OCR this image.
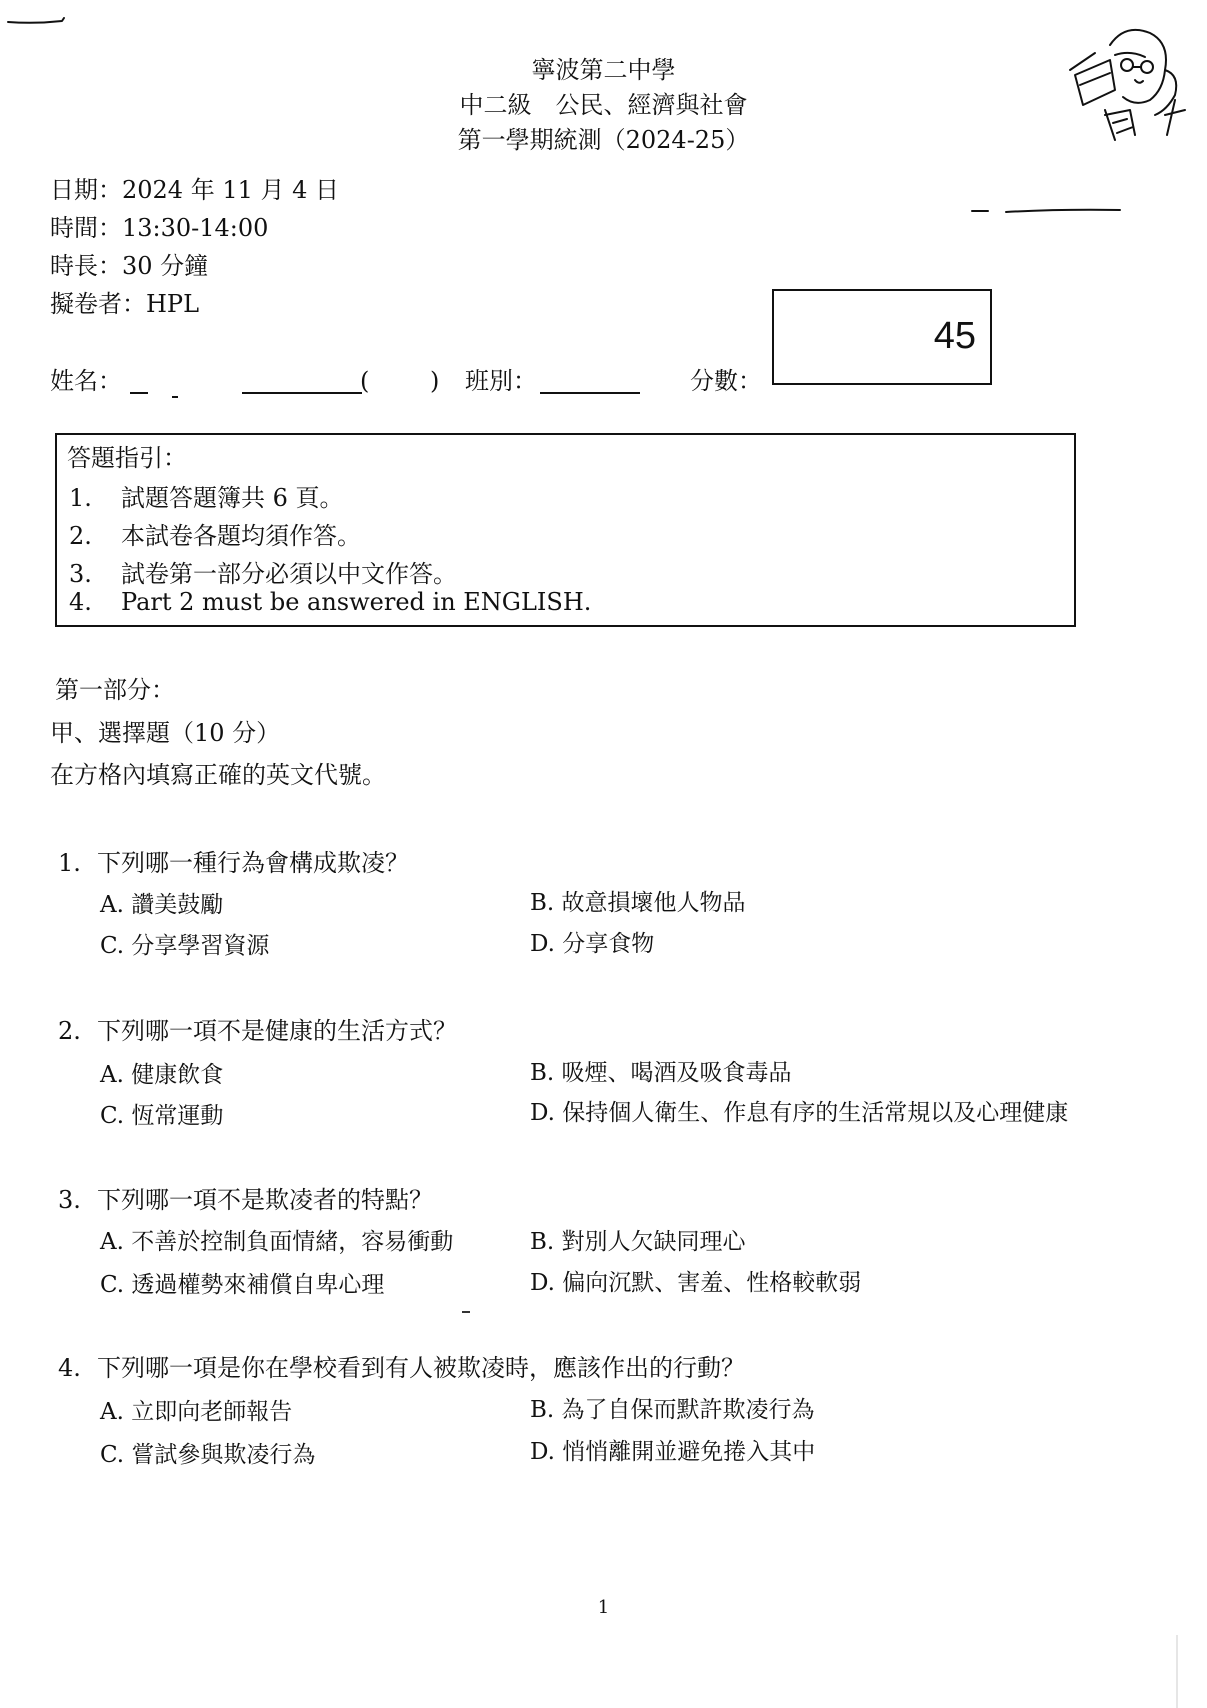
寧波第二中學
中二級　公民、經濟與社會
第一學期統測（2024-25）
日期：2024 年 11 月 4 日
時間：13:30-14:00
時長：30 分鐘
擬卷者：HPL
45
姓名：	(	) 班別：	分數：
答題指引：
1. 試題答題簿共 6 頁。
2. 本試卷各題均須作答。
3. 試卷第一部分必須以中文作答。
4. Part 2 must be answered in ENGLISH.
第一部分：
甲、選擇題（10 分）
在方格內填寫正確的英文代號。
1. 下列哪一種行為會構成欺凌？
A. 讚美鼓勵	B. 故意損壞他人物品
C. 分享學習資源	D. 分享食物
2. 下列哪一項不是健康的生活方式？
A. 健康飲食	B. 吸煙、喝酒及吸食毒品
C. 恆常運動	D. 保持個人衛生、作息有序的生活常規以及心理健康
3. 下列哪一項不是欺凌者的特點？
A. 不善於控制負面情緒，容易衝動	B. 對別人欠缺同理心
C. 透過權勢來補償自卑心理	D. 偏向沉默、害羞、性格較軟弱
4. 下列哪一項是你在學校看到有人被欺凌時，應該作出的行動？
A. 立即向老師報告	B. 為了自保而默許欺凌行為
C. 嘗試參與欺凌行為	D. 悄悄離開並避免捲入其中
1
